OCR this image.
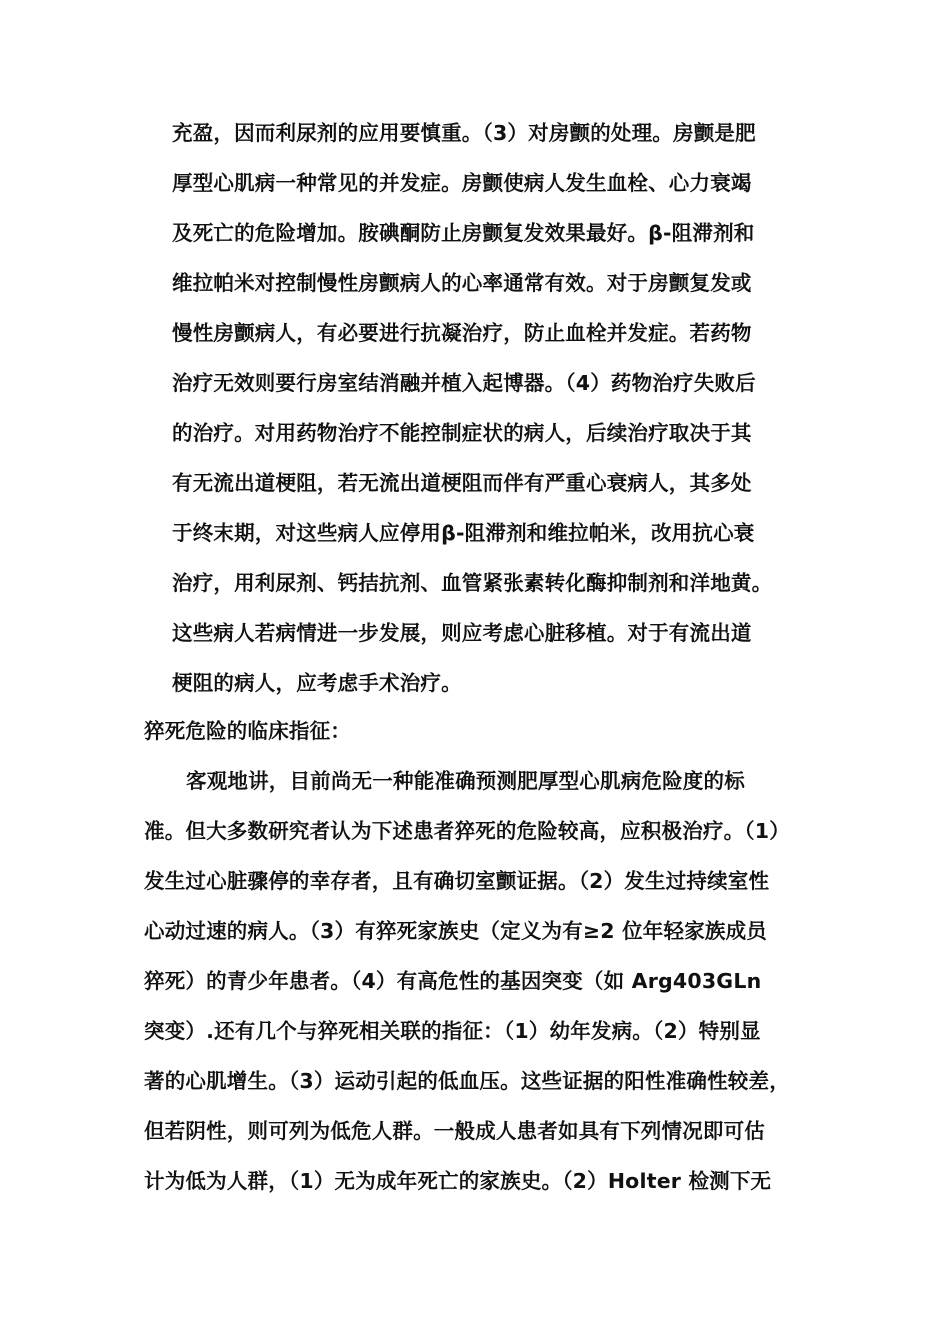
充盈，因而利尿剂的应用要慎重。（3）对房颤的处理。房颤是肥
厚型心肌病一种常见的并发症。房颤使病人发生血栓、心力衰竭
及死亡的危险增加。胺碘酮防止房颤复发效果最好。β-阻滞剂和
维拉帕米对控制慢性房颤病人的心率通常有效。对于房颤复发或
慢性房颤病人，有必要进行抗凝治疗，防止血栓并发症。若药物
治疗无效则要行房室结消融并植入起博器。（4）药物治疗失败后
的治疗。对用药物治疗不能控制症状的病人，后续治疗取决于其
有无流出道梗阻，若无流出道梗阻而伴有严重心衰病人，其多处
于终末期，对这些病人应停用β-阻滞剂和维拉帕米，改用抗心衰
治疗，用利尿剂、钙拮抗剂、血管紧张素转化酶抑制剂和洋地黄。
这些病人若病情进一步发展，则应考虑心脏移植。对于有流出道
梗阻的病人，应考虑手术治疗。
猝死危险的临床指征：
客观地讲，目前尚无一种能准确预测肥厚型心肌病危险度的标
准。但大多数研究者认为下述患者猝死的危险较高，应积极治疗。（1）
发生过心脏骤停的幸存者，且有确切室颤证据。（2）发生过持续室性
心动过速的病人。（3）有猝死家族史（定义为有≥2 位年轻家族成员
猝死）的青少年患者。（4）有高危性的基因突变（如 Arg403GLn
突变）.还有几个与猝死相关联的指征：（1）幼年发病。（2）特别显
著的心肌增生。（3）运动引起的低血压。这些证据的阳性准确性较差，
但若阴性，则可列为低危人群。一般成人患者如具有下列情况即可估
计为低为人群，（1）无为成年死亡的家族史。（2）Holter 检测下无
